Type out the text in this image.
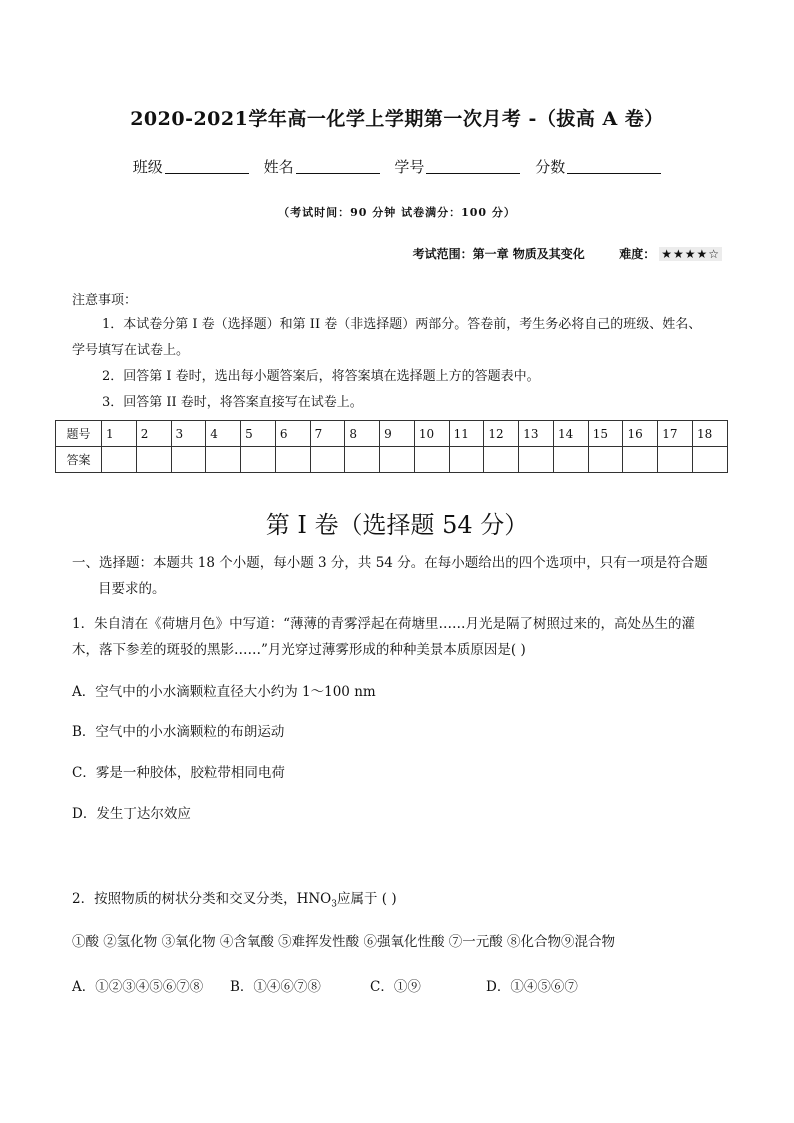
2020-2021学年高一化学上学期第一次月考 -（拔高 A 卷）
班级	姓名	学号	分数
（考试时间：90 分钟 试卷满分：100 分）
考试范围：第一章 物质及其变化	难度： ★★★★☆
注意事项：
1．本试卷分第 I 卷（选择题）和第 II 卷（非选择题）两部分。答卷前，考生务必将自己的班级、姓名、
学号填写在试卷上。
2．回答第 I 卷时，选出每小题答案后，将答案填在选择题上方的答题表中。
3．回答第 II 卷时，将答案直接写在试卷上。
题号	1	2	3	4	5	6	7	8	9	10	11	12	13	14	15	16	17	18
答案																		
第 I 卷（选择题 54 分）
一、选择题：本题共 18 个小题，每小题 3 分，共 54 分。在每小题给出的四个选项中，只有一项是符合题
目要求的。
1．朱自清在《荷塘月色》中写道：“薄薄的青雾浮起在荷塘里……月光是隔了树照过来的，高处丛生的灌
木，落下参差的斑驳的黑影……”月光穿过薄雾形成的种种美景本质原因是( )
A．空气中的小水滴颗粒直径大小约为 1～100 nm
B．空气中的小水滴颗粒的布朗运动
C．雾是一种胶体，胶粒带相同电荷
D．发生丁达尔效应
2．按照物质的树状分类和交叉分类，$HNO_3$应属于 ( )
①酸 ②氢化物 ③氧化物 ④含氧酸 ⑤难挥发性酸 ⑥强氧化性酸 ⑦一元酸 ⑧化合物⑨混合物
A．①②③④⑤⑥⑦⑧ B．①④⑥⑦⑧	C．①⑨	D．①④⑤⑥⑦
